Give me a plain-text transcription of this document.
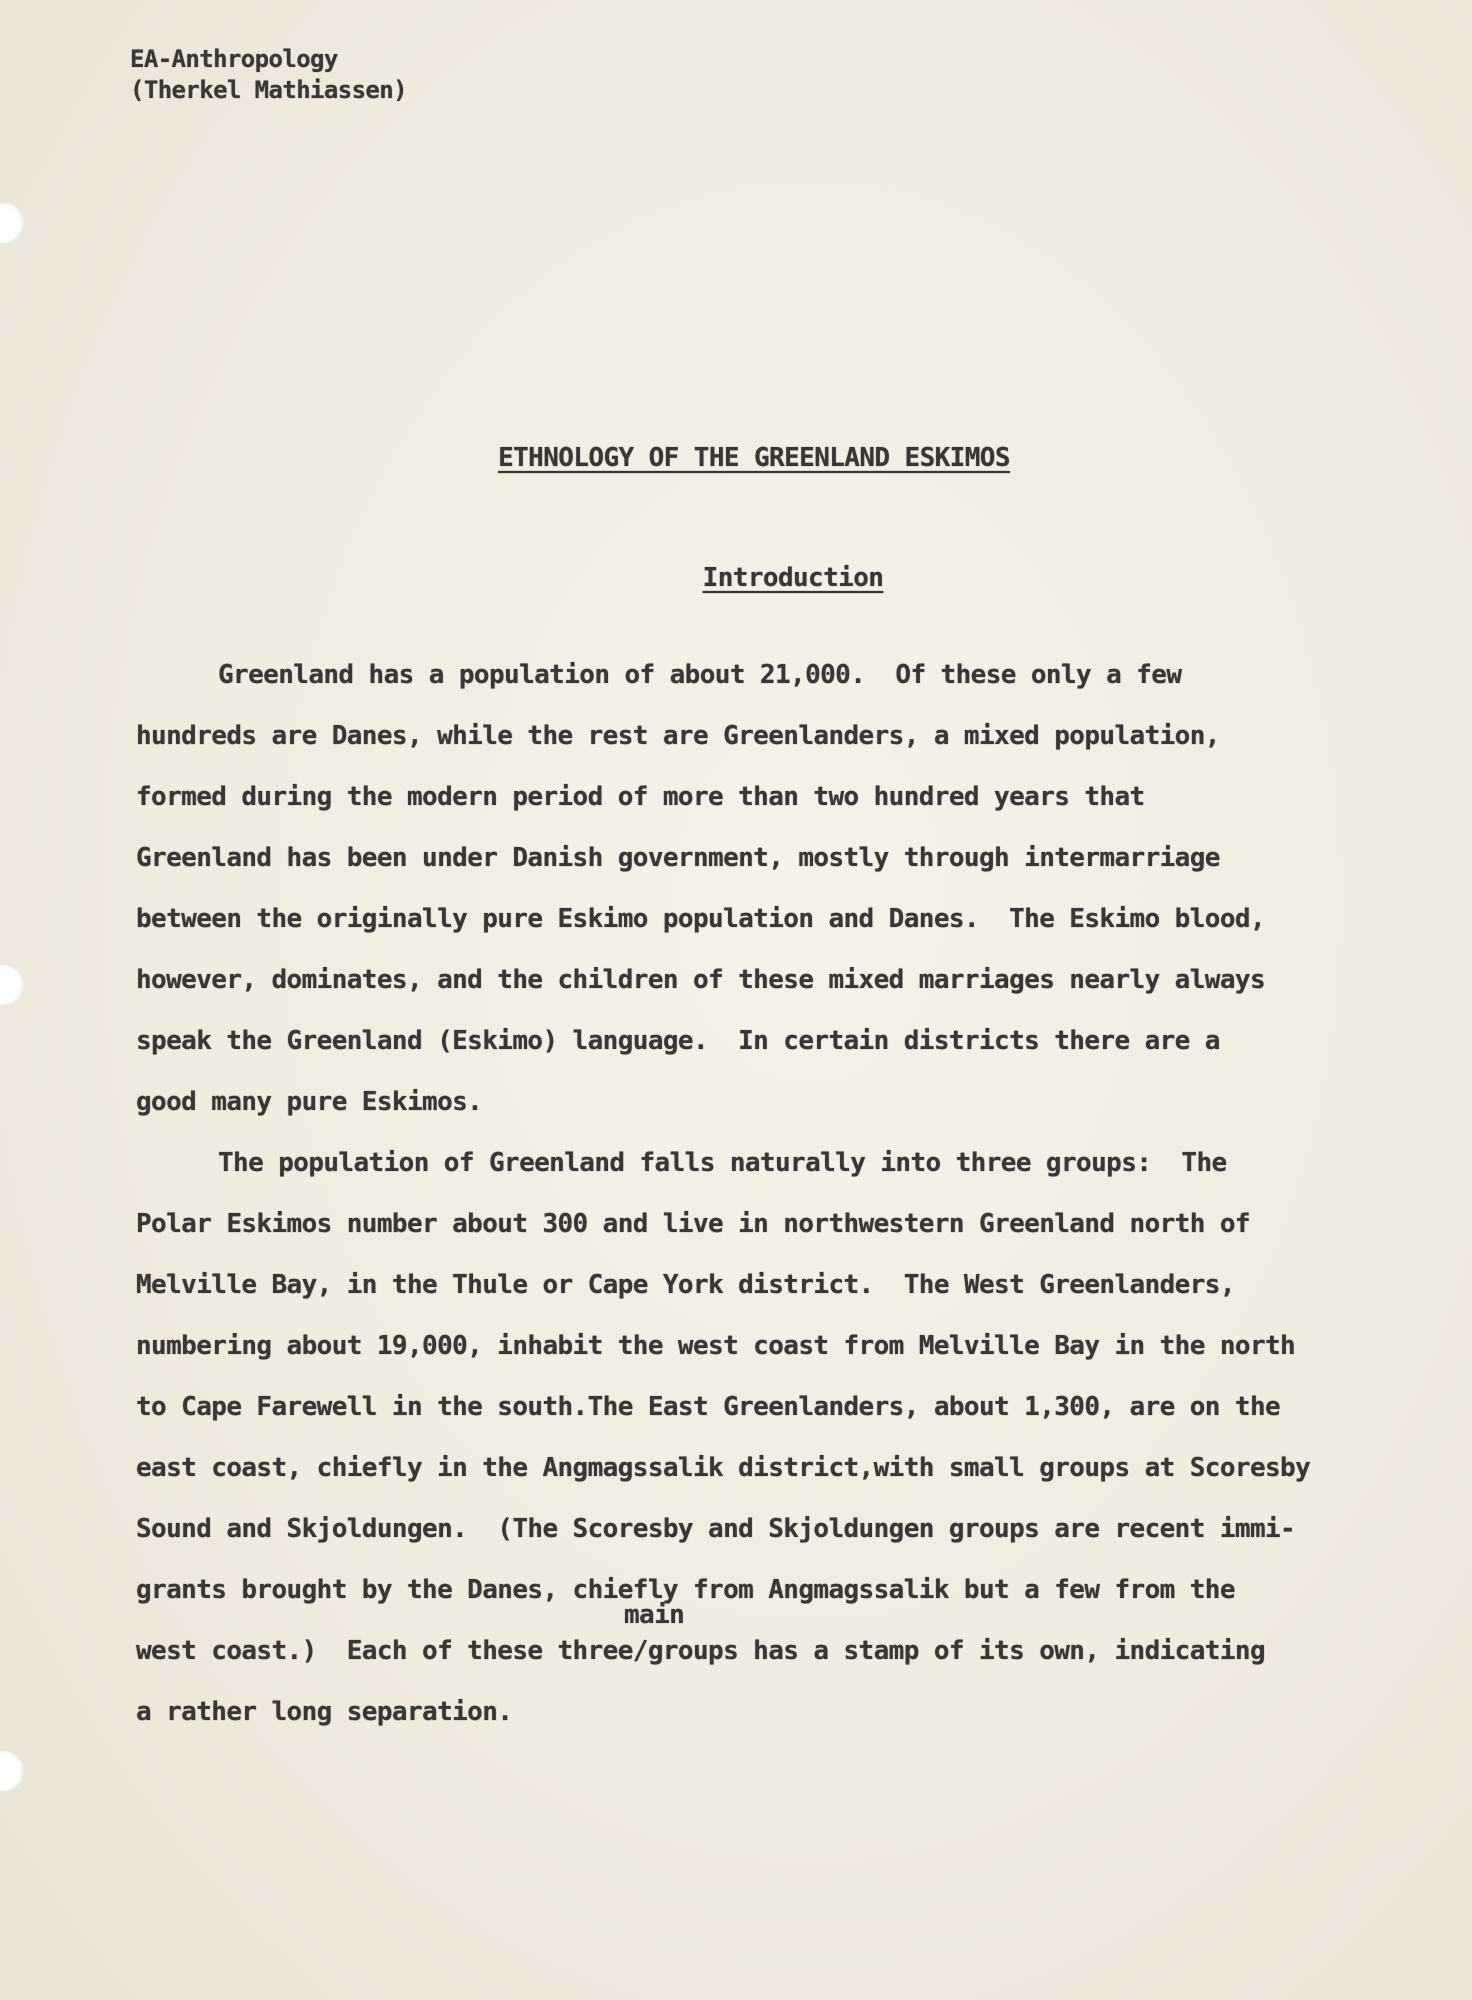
EA-Anthropology
(Therkel Mathiassen)
ETHNOLOGY OF THE GREENLAND ESKIMOS
Introduction
Greenland has a population of about 21,000.  Of these only a few
hundreds are Danes, while the rest are Greenlanders, a mixed population,
formed during the modern period of more than two hundred years that
Greenland has been under Danish government, mostly through intermarriage
between the originally pure Eskimo population and Danes.  The Eskimo blood,
however, dominates, and the children of these mixed marriages nearly always
speak the Greenland (Eskimo) language.  In certain districts there are a
good many pure Eskimos.
The population of Greenland falls naturally into three groups:  The
Polar Eskimos number about 300 and live in northwestern Greenland north of
Melville Bay, in the Thule or Cape York district.  The West Greenlanders,
numbering about 19,000, inhabit the west coast from Melville Bay in the north
to Cape Farewell in the south.The East Greenlanders, about 1,300, are on the
east coast, chiefly in the Angmagssalik district,with small groups at Scoresby
Sound and Skjoldungen.  (The Scoresby and Skjoldungen groups are recent immi-
grants brought by the Danes, chiefly from Angmagssalik but a few from the
main
west coast.)  Each of these three/groups has a stamp of its own, indicating
a rather long separation.
